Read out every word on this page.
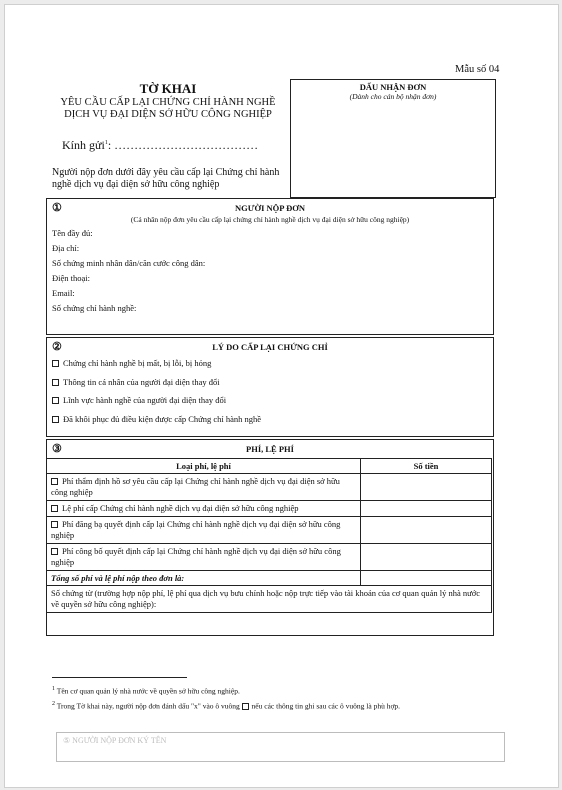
Mẫu số 04
TỜ KHAI
YÊU CẦU CẤP LẠI CHỨNG CHỈ HÀNH NGHỀ
DỊCH VỤ ĐẠI DIỆN SỞ HỮU CÔNG NGHIỆP
Kính gửi$^1$: ………………………………
Người nộp đơn dưới đây yêu cầu cấp lại Chứng chỉ hành nghề dịch vụ đại diện sở hữu công nghiệp
DẤU NHẬN ĐƠN
(Dành cho cán bộ nhận đơn)
①	NGƯỜI NỘP ĐƠN
(Cá nhân nộp đơn yêu cầu cấp lại chứng chỉ hành nghề dịch vụ đại diện sở hữu công nghiệp)
Tên đầy đủ:
Địa chỉ:
Số chứng minh nhân dân/căn cước công dân:
Điện thoại:
Email:
Số chứng chỉ hành nghề:
②	LÝ DO CẤP LẠI CHỨNG CHỈ
Chứng chỉ hành nghề bị mất, bị lỗi, bị hỏng
Thông tin cá nhân của người đại diện thay đổi
Lĩnh vực hành nghề của người đại diện thay đổi
Đã khôi phục đủ điều kiện được cấp Chứng chỉ hành nghề
③	PHÍ, LỆ PHÍ
Loại phí, lệ phí	Số tiền
Phí thẩm định hồ sơ yêu cầu cấp lại Chứng chỉ hành nghề dịch vụ đại diện sở hữu công nghiệp	
Lệ phí cấp Chứng chỉ hành nghề dịch vụ đại diện sở hữu công nghiệp	
Phí đăng bạ quyết định cấp lại Chứng chỉ hành nghề dịch vụ đại diện sở hữu công nghiệp	
Phí công bố quyết định cấp lại Chứng chỉ hành nghề dịch vụ đại diện sở hữu công nghiệp	
Tổng số phí và lệ phí nộp theo đơn là:	
Số chứng từ (trường hợp nộp phí, lệ phí qua dịch vụ bưu chính hoặc nộp trực tiếp vào tài khoản của cơ quan quản lý nhà nước về quyền sở hữu công nghiệp):	
$^1$ Tên cơ quan quản lý nhà nước về quyền sở hữu công nghiệp.
$^2$ Trong Tờ khai này, người nộp đơn đánh dấu "x" vào ô vuông  nếu các thông tin ghi sau các ô vuông là phù hợp.
⑤ NGƯỜI NỘP ĐƠN KÝ TÊN
